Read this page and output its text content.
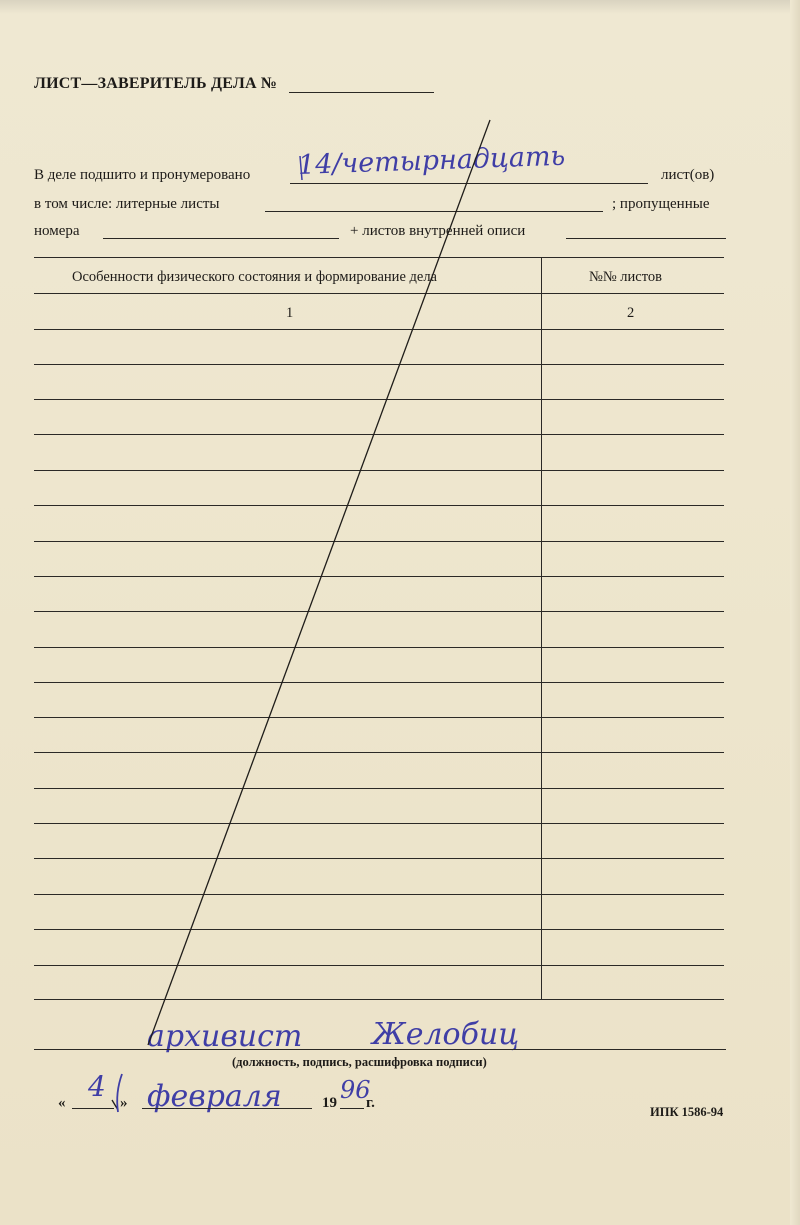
ЛИСТ—ЗАВЕРИТЕЛЬ ДЕЛА №
В деле подшито и пронумеровано 14/четырнадцать	лист(ов)
в том числе: литерные листы	; пропущенные
номера	+ листов внутренней описи
Особенности физического состояния и формирование дела	№№ листов
1	2
архивист Желобиц
(должность, подпись, расшифровка подписи)
« 4 » февраля	19 96
г.
ИПК 1586-94
